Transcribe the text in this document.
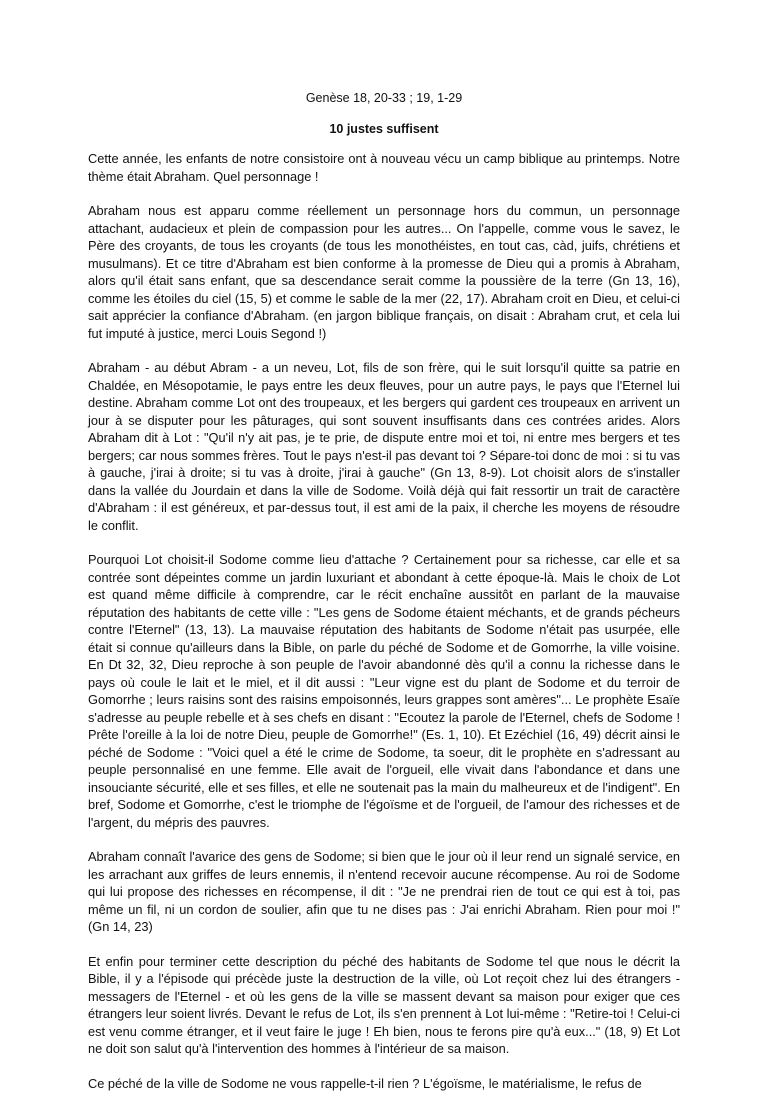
Genèse 18, 20-33 ; 19, 1-29
10 justes suffisent

Cette année, les enfants de notre consistoire ont à nouveau vécu un camp biblique au printemps. Notre thème était Abraham. Quel personnage !

Abraham nous est apparu comme réellement un personnage hors du commun, un personnage attachant, audacieux et plein de compassion pour les autres... On l'appelle, comme vous le savez, le Père des croyants, de tous les croyants (de tous les monothéistes, en tout cas, càd, juifs, chrétiens et musulmans). Et ce titre d'Abraham est bien conforme à la promesse de Dieu qui a promis à Abraham, alors qu'il était sans enfant, que sa descendance serait comme la poussière de la terre (Gn 13, 16), comme les étoiles du ciel (15, 5) et comme le sable de la mer (22, 17). Abraham croit en Dieu, et celui-ci sait apprécier la confiance d'Abraham. (en jargon biblique français, on disait : Abraham crut, et cela lui fut imputé à justice, merci Louis Segond !)

Abraham - au début Abram - a un neveu, Lot, fils de son frère, qui le suit lorsqu'il quitte sa patrie en Chaldée, en Mésopotamie, le pays entre les deux fleuves, pour un autre pays, le pays que l'Eternel lui destine. Abraham comme Lot ont des troupeaux, et les bergers qui gardent ces troupeaux en arrivent un jour à se disputer pour les pâturages, qui sont souvent insuffisants dans ces contrées arides. Alors Abraham dit à Lot : "Qu'il n'y ait pas, je te prie, de dispute entre moi et toi, ni entre mes bergers et tes bergers; car nous sommes frères. Tout le pays n'est-il pas devant toi ? Sépare-toi donc de moi : si tu vas à gauche, j'irai à droite; si tu vas à droite, j'irai à gauche" (Gn 13, 8-9). Lot choisit alors de s'installer dans la vallée du Jourdain et dans la ville de Sodome. Voilà déjà qui fait ressortir un trait de caractère d'Abraham : il est généreux, et par-dessus tout, il est ami de la paix, il cherche les moyens de résoudre le conflit.

Pourquoi Lot choisit-il Sodome comme lieu d'attache ? Certainement pour sa richesse, car elle et sa contrée sont dépeintes comme un jardin luxuriant et abondant à cette époque-là. Mais le choix de Lot est quand même difficile à comprendre, car le récit enchaîne aussitôt en parlant de la mauvaise réputation des habitants de cette ville : "Les gens de Sodome étaient méchants, et de grands pécheurs contre l'Eternel" (13, 13). La mauvaise réputation des habitants de Sodome n'était pas usurpée, elle était si connue qu'ailleurs dans la Bible, on parle du péché de Sodome et de Gomorrhe, la ville voisine. En Dt 32, 32, Dieu reproche à son peuple de l'avoir abandonné dès qu'il a connu la richesse dans le pays où coule le lait et le miel, et il dit aussi : "Leur vigne est du plant de Sodome et du terroir de Gomorrhe ; leurs raisins sont des raisins empoisonnés, leurs grappes sont amères"... Le prophète Esaïe s'adresse au peuple rebelle et à ses chefs en disant : "Ecoutez la parole de l'Eternel, chefs de Sodome ! Prête l'oreille à la loi de notre Dieu, peuple de Gomorrhe!" (Es. 1, 10). Et Ezéchiel (16, 49) décrit ainsi le péché de Sodome : "Voici quel a été le crime de Sodome, ta soeur, dit le prophète en s'adressant au peuple personnalisé en une femme. Elle avait de l'orgueil, elle vivait dans l'abondance et dans une insouciante sécurité, elle et ses filles, et elle ne soutenait pas la main du malheureux et de l'indigent". En bref, Sodome et Gomorrhe, c'est le triomphe de l'égoïsme et de l'orgueil, de l'amour des richesses et de l'argent, du mépris des pauvres.

Abraham connaît l'avarice des gens de Sodome; si bien que le jour où il leur rend un signalé service, en les arrachant aux griffes de leurs ennemis, il n'entend recevoir aucune récompense. Au roi de Sodome qui lui propose des richesses en récompense, il dit : "Je ne prendrai rien de tout ce qui est à toi, pas même un fil, ni un cordon de soulier, afin que tu ne dises pas : J'ai enrichi Abraham. Rien pour moi !" (Gn 14, 23)

Et enfin pour terminer cette description du péché des habitants de Sodome tel que nous le décrit la Bible, il y a l'épisode qui précède juste la destruction de la ville, où Lot reçoit chez lui des étrangers - messagers de l'Eternel - et où les gens de la ville se massent devant sa maison pour exiger que ces étrangers leur soient livrés. Devant le refus de Lot, ils s'en prennent à Lot lui-même : "Retire-toi ! Celui-ci est venu comme étranger, et il veut faire le juge ! Eh bien, nous te ferons pire qu'à eux..." (18, 9) Et Lot ne doit son salut qu'à l'intervention des hommes à l'intérieur de sa maison.

Ce péché de la ville de Sodome ne vous rappelle-t-il rien ? L'égoïsme, le matérialisme, le refus de
